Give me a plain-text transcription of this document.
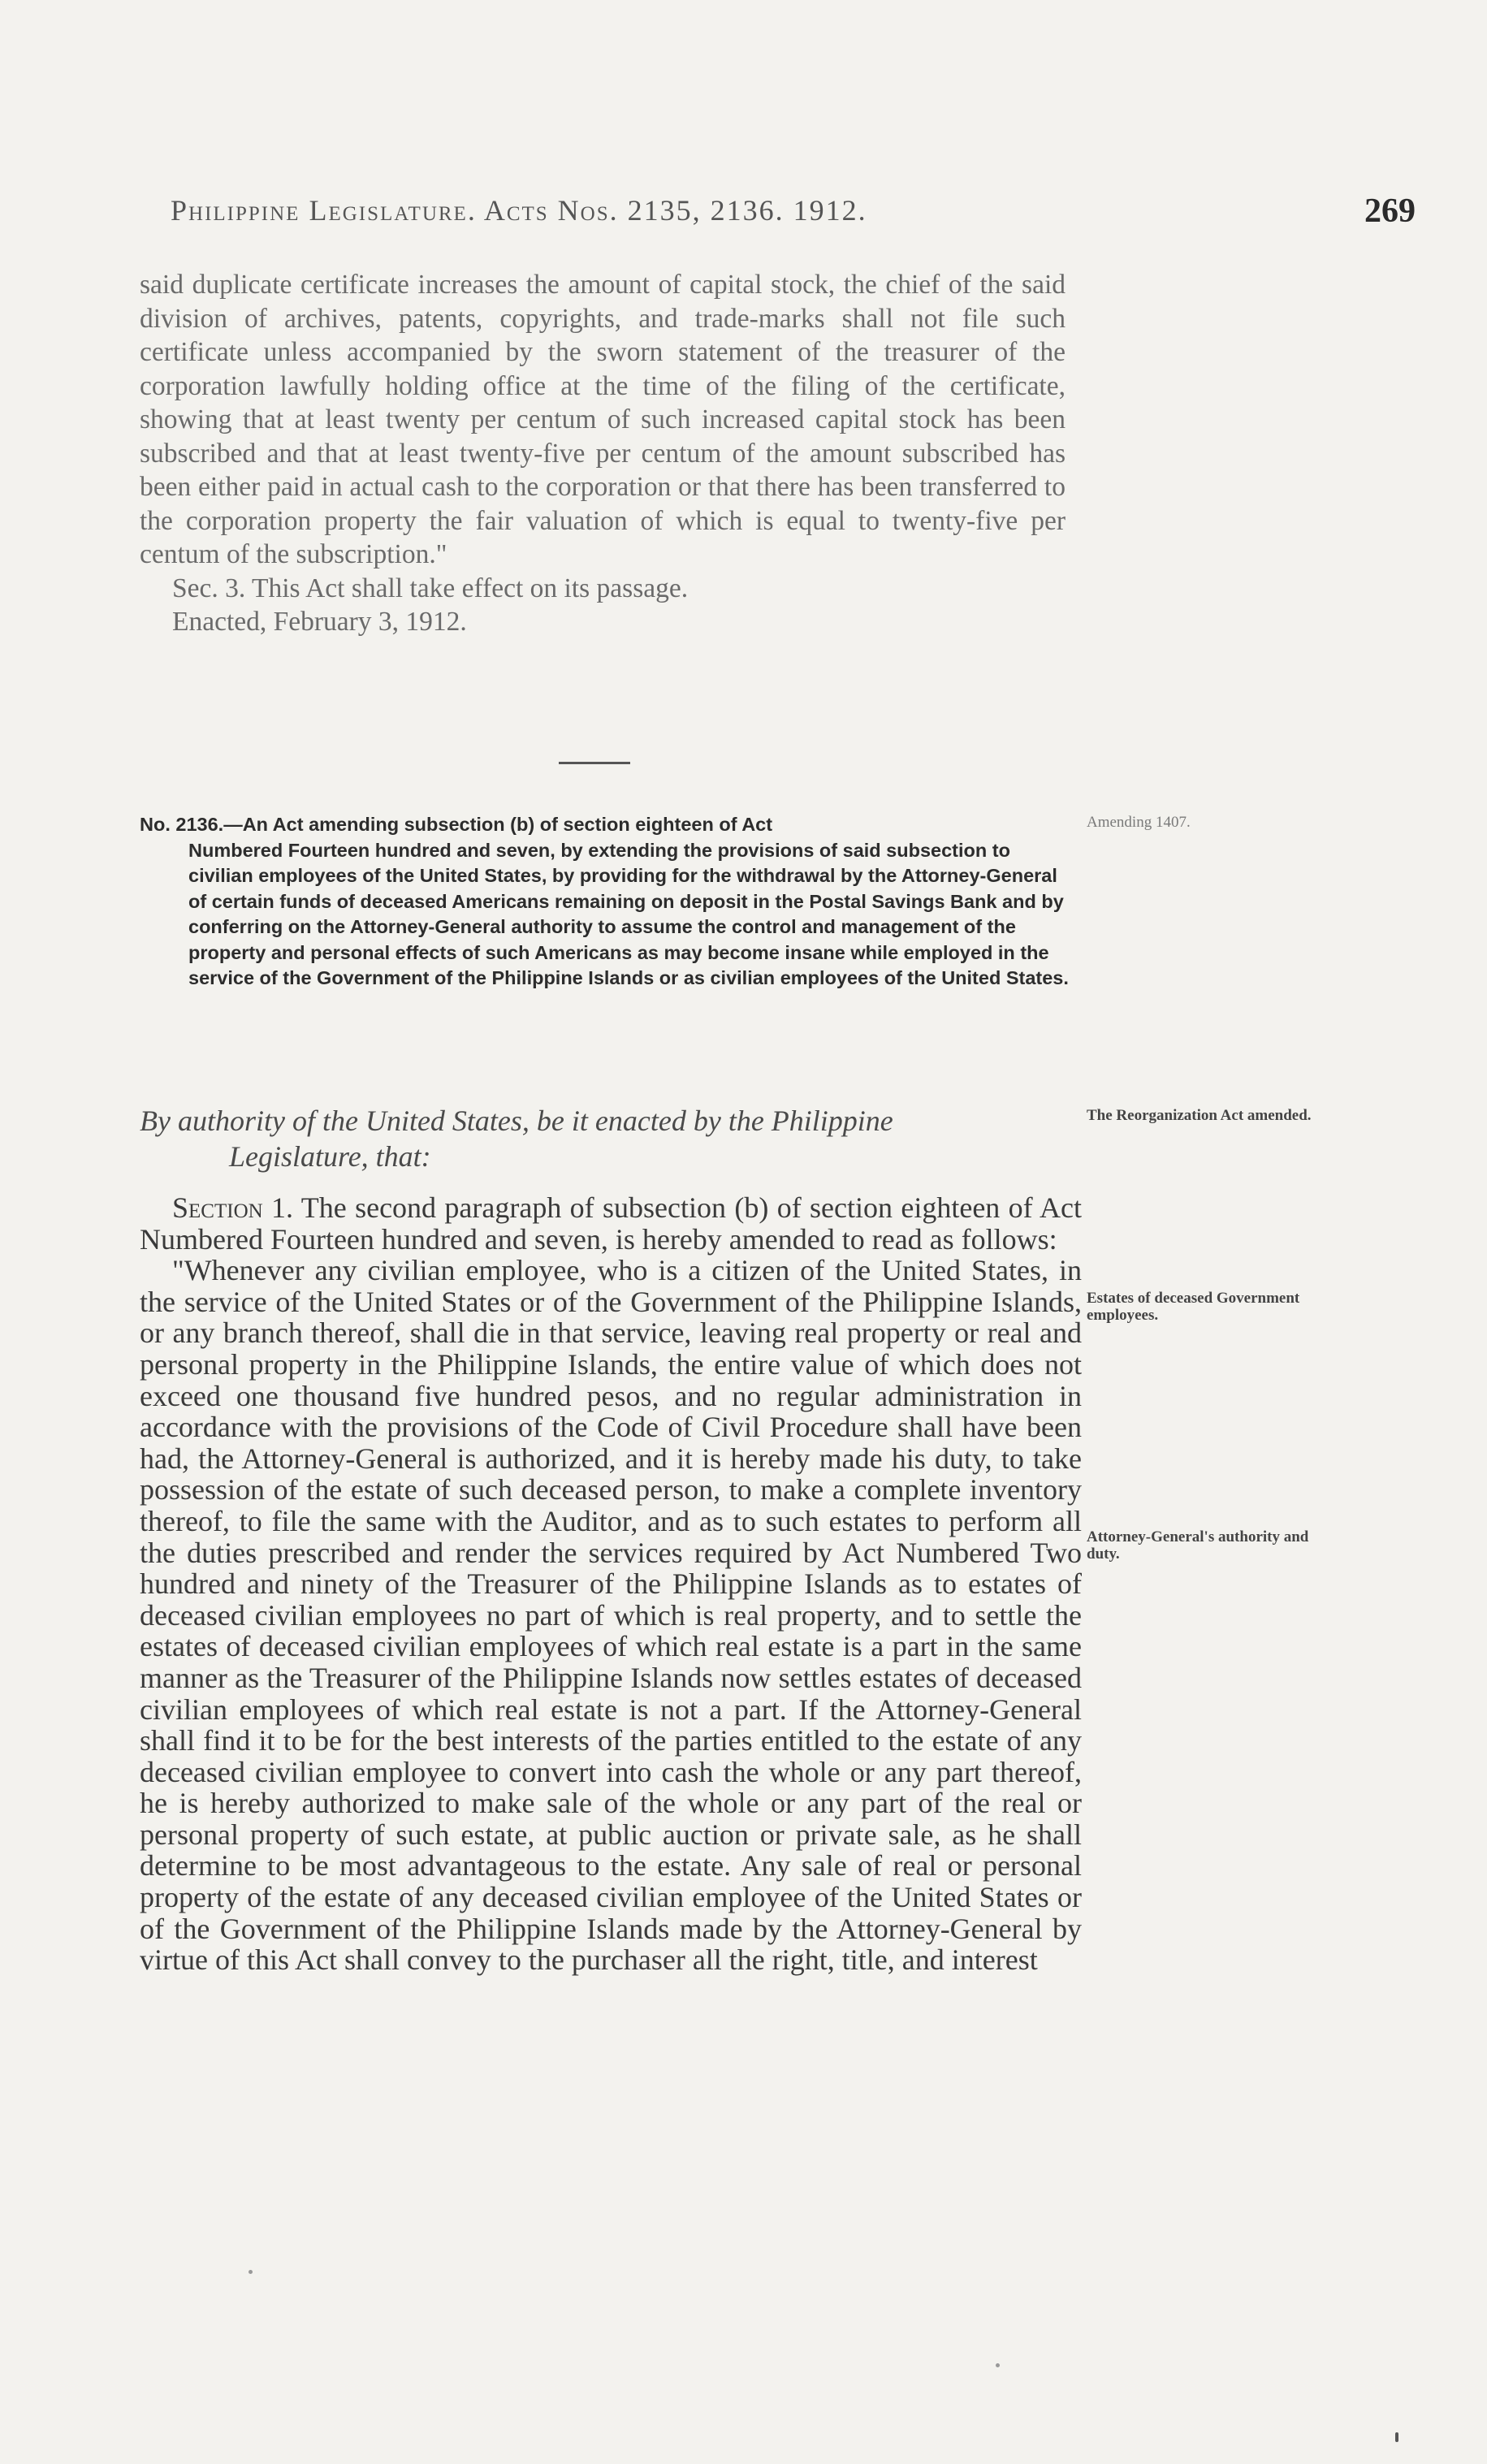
Philippine Legislature. Acts Nos. 2135, 2136. 1912.	269

said duplicate certificate increases the amount of capital stock, the chief of the said division of archives, patents, copyrights, and trade-marks shall not file such certificate unless accompanied by the sworn statement of the treasurer of the corporation lawfully holding office at the time of the filing of the certificate, showing that at least twenty per centum of such increased capital stock has been subscribed and that at least twenty-five per centum of the amount subscribed has been either paid in actual cash to the corporation or that there has been transferred to the corporation property the fair valuation of which is equal to twenty-five per centum of the subscription."

Sec. 3. This Act shall take effect on its passage.

Enacted, February 3, 1912.

No. 2136.—An Act amending subsection (b) of section eighteen of Act
Numbered Fourteen hundred and seven, by extending the provisions of said subsection to civilian employees of the United States, by providing for the withdrawal by the Attorney-General of certain funds of deceased Americans remaining on deposit in the Postal Savings Bank and by conferring on the Attorney-General authority to assume the control and management of the property and personal effects of such Americans as may become insane while employed in the service of the Government of the Philippine Islands or as civilian employees of the United States.
By authority of the United States, be it enacted by the Philippine
Legislature, that:

Section 1. The second paragraph of subsection (b) of section eighteen of Act Numbered Fourteen hundred and seven, is hereby amended to read as follows:

"Whenever any civilian employee, who is a citizen of the United States, in the service of the United States or of the Government of the Philippine Islands, or any branch thereof, shall die in that service, leaving real property or real and personal property in the Philippine Islands, the entire value of which does not exceed one thousand five hundred pesos, and no regular administration in accordance with the provisions of the Code of Civil Procedure shall have been had, the Attorney-General is authorized, and it is hereby made his duty, to take possession of the estate of such deceased person, to make a complete inventory thereof, to file the same with the Auditor, and as to such estates to perform all the duties prescribed and render the services required by Act Numbered Two hundred and ninety of the Treasurer of the Philippine Islands as to estates of deceased civilian employees no part of which is real property, and to settle the estates of deceased civilian employees of which real estate is a part in the same manner as the Treasurer of the Philippine Islands now settles estates of deceased civilian employees of which real estate is not a part. If the Attorney-General shall find it to be for the best interests of the parties entitled to the estate of any deceased civilian employee to convert into cash the whole or any part thereof, he is hereby authorized to make sale of the whole or any part of the real or personal property of such estate, at public auction or private sale, as he shall determine to be most advantageous to the estate. Any sale of real or personal property of the estate of any deceased civilian employee of the United States or of the Government of the Philippine Islands made by the Attorney-General by virtue of this Act shall convey to the purchaser all the right, title, and interest

Amending 1407.
The Reorganization Act amended.
Estates of deceased Government employees.
Attorney-General's authority and duty.
